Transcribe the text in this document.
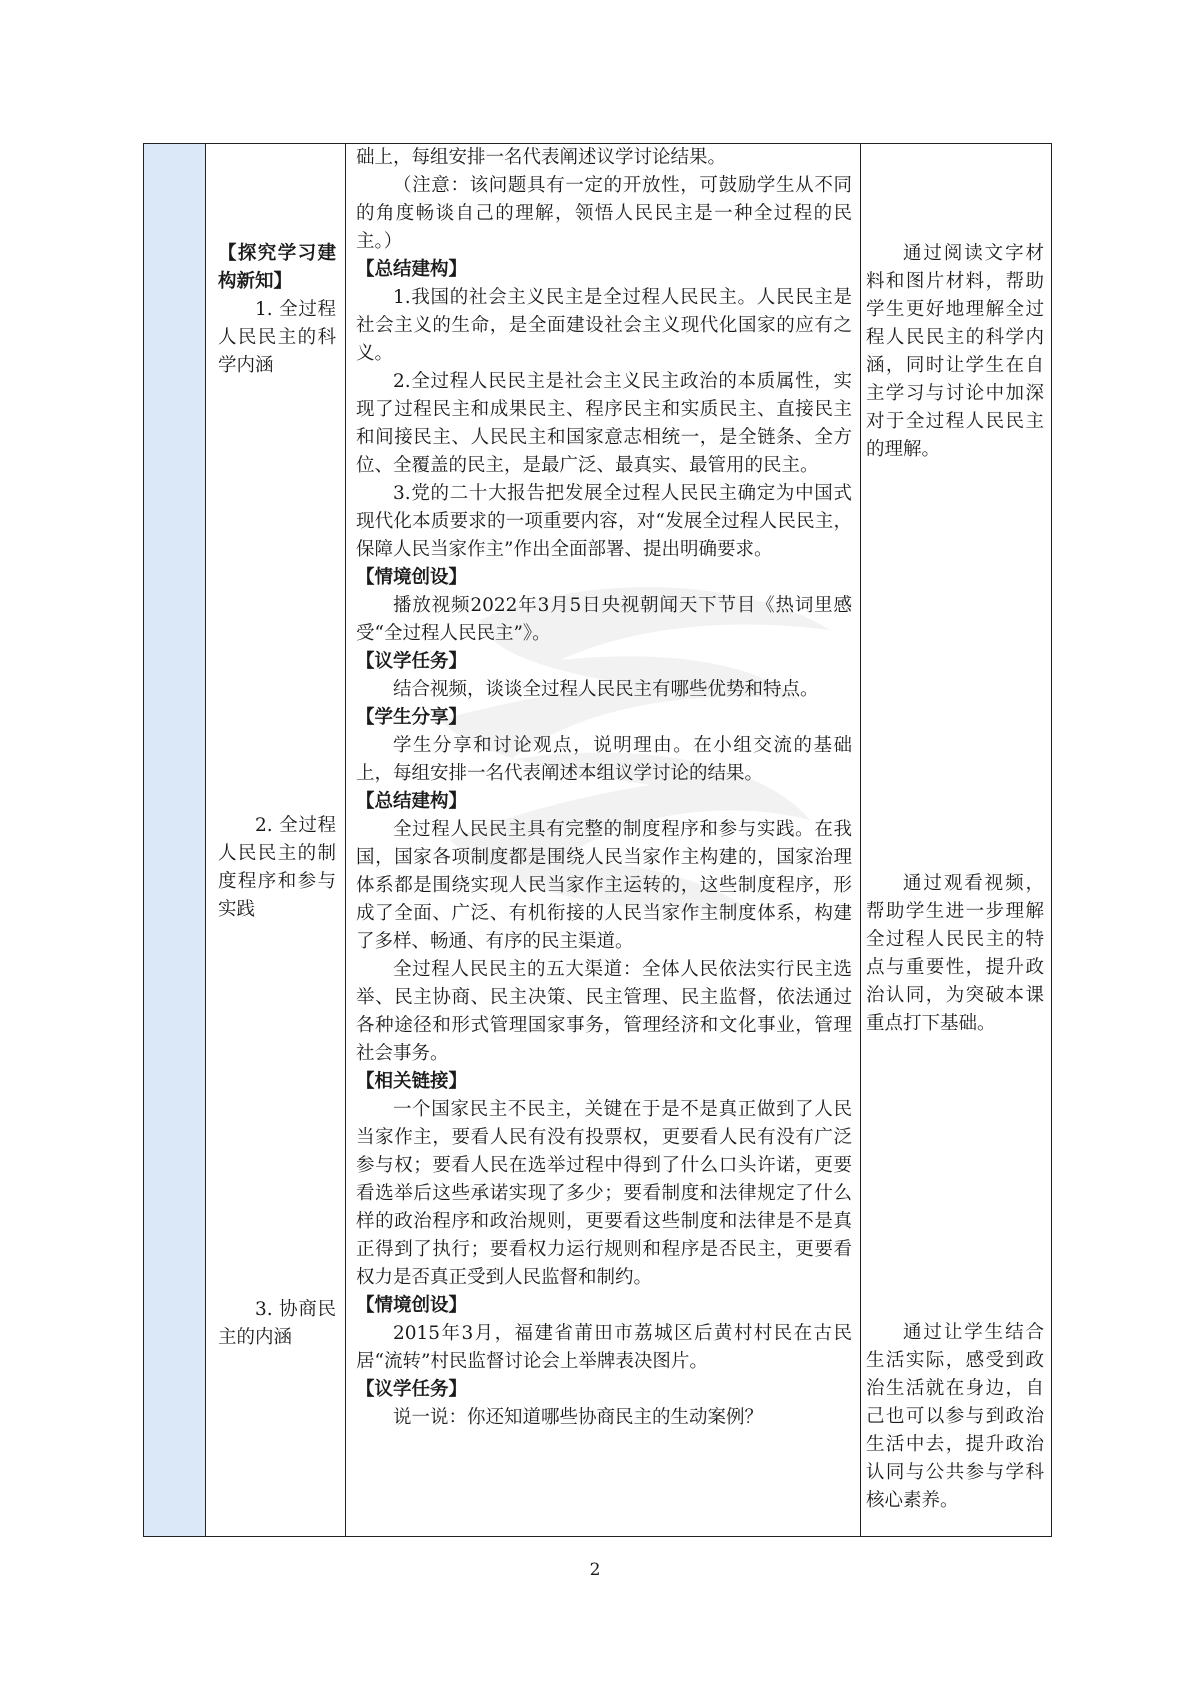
【探究学习建构新知】

1. 全过程人民民主的科学内涵

2. 全过程人民民主的制度程序和参与实践

3. 协商民主的内涵

础上，每组安排一名代表阐述议学讨论结果。

（注意：该问题具有一定的开放性，可鼓励学生从不同的角度畅谈自己的理解，领悟人民民主是一种全过程的民主。）

【总结建构】

1.我国的社会主义民主是全过程人民民主。人民民主是社会主义的生命，是全面建设社会主义现代化国家的应有之义。

2.全过程人民民主是社会主义民主政治的本质属性，实现了过程民主和成果民主、程序民主和实质民主、直接民主和间接民主、人民民主和国家意志相统一，是全链条、全方位、全覆盖的民主，是最广泛、最真实、最管用的民主。

3.党的二十大报告把发展全过程人民民主确定为中国式现代化本质要求的一项重要内容，对“发展全过程人民民主，保障人民当家作主”作出全面部署、提出明确要求。

【情境创设】

播放视频2022年3月5日央视朝闻天下节目《热词里感受“全过程人民民主”》。

【议学任务】

结合视频，谈谈全过程人民民主有哪些优势和特点。

【学生分享】

学生分享和讨论观点，说明理由。在小组交流的基础上，每组安排一名代表阐述本组议学讨论的结果。

【总结建构】

全过程人民民主具有完整的制度程序和参与实践。在我国，国家各项制度都是围绕人民当家作主构建的，国家治理体系都是围绕实现人民当家作主运转的，这些制度程序，形成了全面、广泛、有机衔接的人民当家作主制度体系，构建了多样、畅通、有序的民主渠道。

全过程人民民主的五大渠道：全体人民依法实行民主选举、民主协商、民主决策、民主管理、民主监督，依法通过各种途径和形式管理国家事务，管理经济和文化事业，管理社会事务。

【相关链接】

一个国家民主不民主，关键在于是不是真正做到了人民当家作主，要看人民有没有投票权，更要看人民有没有广泛参与权；要看人民在选举过程中得到了什么口头许诺，更要看选举后这些承诺实现了多少；要看制度和法律规定了什么样的政治程序和政治规则，更要看这些制度和法律是不是真正得到了执行；要看权力运行规则和程序是否民主，更要看权力是否真正受到人民监督和制约。

【情境创设】

2015年3月，福建省莆田市荔城区后黄村村民在古民居“流转”村民监督讨论会上举牌表决图片。

【议学任务】

说一说：你还知道哪些协商民主的生动案例？

通过阅读文字材料和图片材料，帮助学生更好地理解全过程人民民主的科学内涵，同时让学生在自主学习与讨论中加深对于全过程人民民主的理解。
通过观看视频，帮助学生进一步理解全过程人民民主的特点与重要性，提升政治认同，为突破本课重点打下基础。
通过让学生结合生活实际，感受到政治生活就在身边，自己也可以参与到政治生活中去，提升政治认同与公共参与学科核心素养。
2
